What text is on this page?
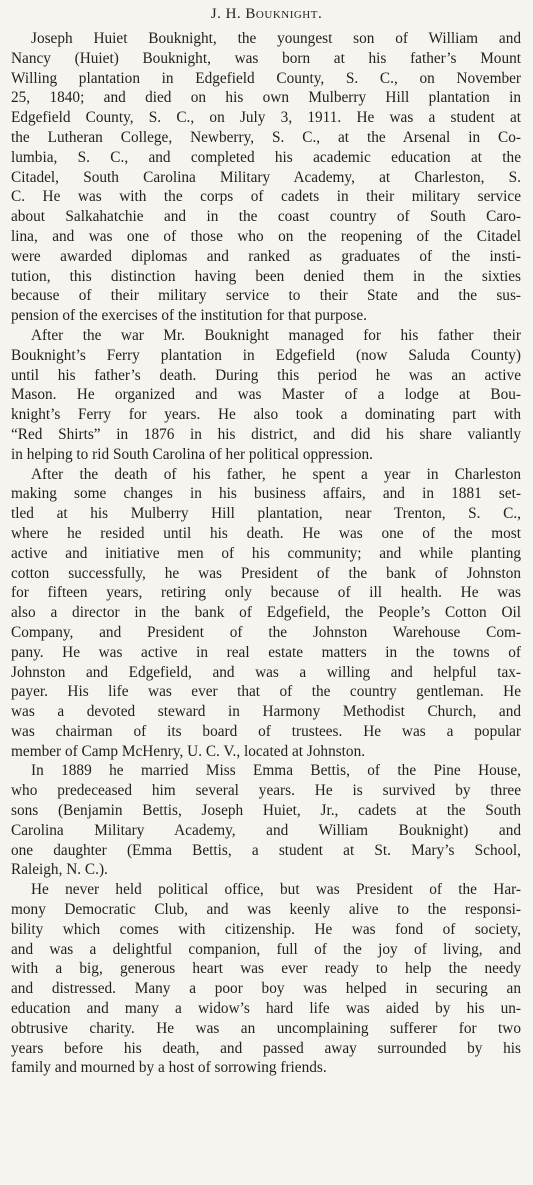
J. H. Bouknight.

Joseph Huiet Bouknight, the youngest son of William and
Nancy (Huiet) Bouknight, was born at his father’s Mount
Willing plantation in Edgefield County, S. C., on November
25, 1840; and died on his own Mulberry Hill plantation in
Edgefield County, S. C., on July 3, 1911. He was a student at
the Lutheran College, Newberry, S. C., at the Arsenal in Co-
lumbia, S. C., and completed his academic education at the
Citadel, South Carolina Military Academy, at Charleston, S.
C. He was with the corps of cadets in their military service
about Salkahatchie and in the coast country of South Caro-
lina, and was one of those who on the reopening of the Citadel
were awarded diplomas and ranked as graduates of the insti-
tution, this distinction having been denied them in the sixties
because of their military service to their State and the sus-
pension of the exercises of the institution for that purpose.

After the war Mr. Bouknight managed for his father their
Bouknight’s Ferry plantation in Edgefield (now Saluda County)
until his father’s death. During this period he was an active
Mason. He organized and was Master of a lodge at Bou-
knight’s Ferry for years. He also took a dominating part with
“Red Shirts” in 1876 in his district, and did his share valiantly
in helping to rid South Carolina of her political oppression.

After the death of his father, he spent a year in Charleston
making some changes in his business affairs, and in 1881 set-
tled at his Mulberry Hill plantation, near Trenton, S. C.,
where he resided until his death. He was one of the most
active and initiative men of his community; and while planting
cotton successfully, he was President of the bank of Johnston
for fifteen years, retiring only because of ill health. He was
also a director in the bank of Edgefield, the People’s Cotton Oil
Company, and President of the Johnston Warehouse Com-
pany. He was active in real estate matters in the towns of
Johnston and Edgefield, and was a willing and helpful tax-
payer. His life was ever that of the country gentleman. He
was a devoted steward in Harmony Methodist Church, and
was chairman of its board of trustees. He was a popular
member of Camp McHenry, U. C. V., located at Johnston.

In 1889 he married Miss Emma Bettis, of the Pine House,
who predeceased him several years. He is survived by three
sons (Benjamin Bettis, Joseph Huiet, Jr., cadets at the South
Carolina Military Academy, and William Bouknight) and
one daughter (Emma Bettis, a student at St. Mary’s School,
Raleigh, N. C.).

He never held political office, but was President of the Har-
mony Democratic Club, and was keenly alive to the responsi-
bility which comes with citizenship. He was fond of society,
and was a delightful companion, full of the joy of living, and
with a big, generous heart was ever ready to help the needy
and distressed. Many a poor boy was helped in securing an
education and many a widow’s hard life was aided by his un-
obtrusive charity. He was an uncomplaining sufferer for two
years before his death, and passed away surrounded by his
family and mourned by a host of sorrowing friends.
